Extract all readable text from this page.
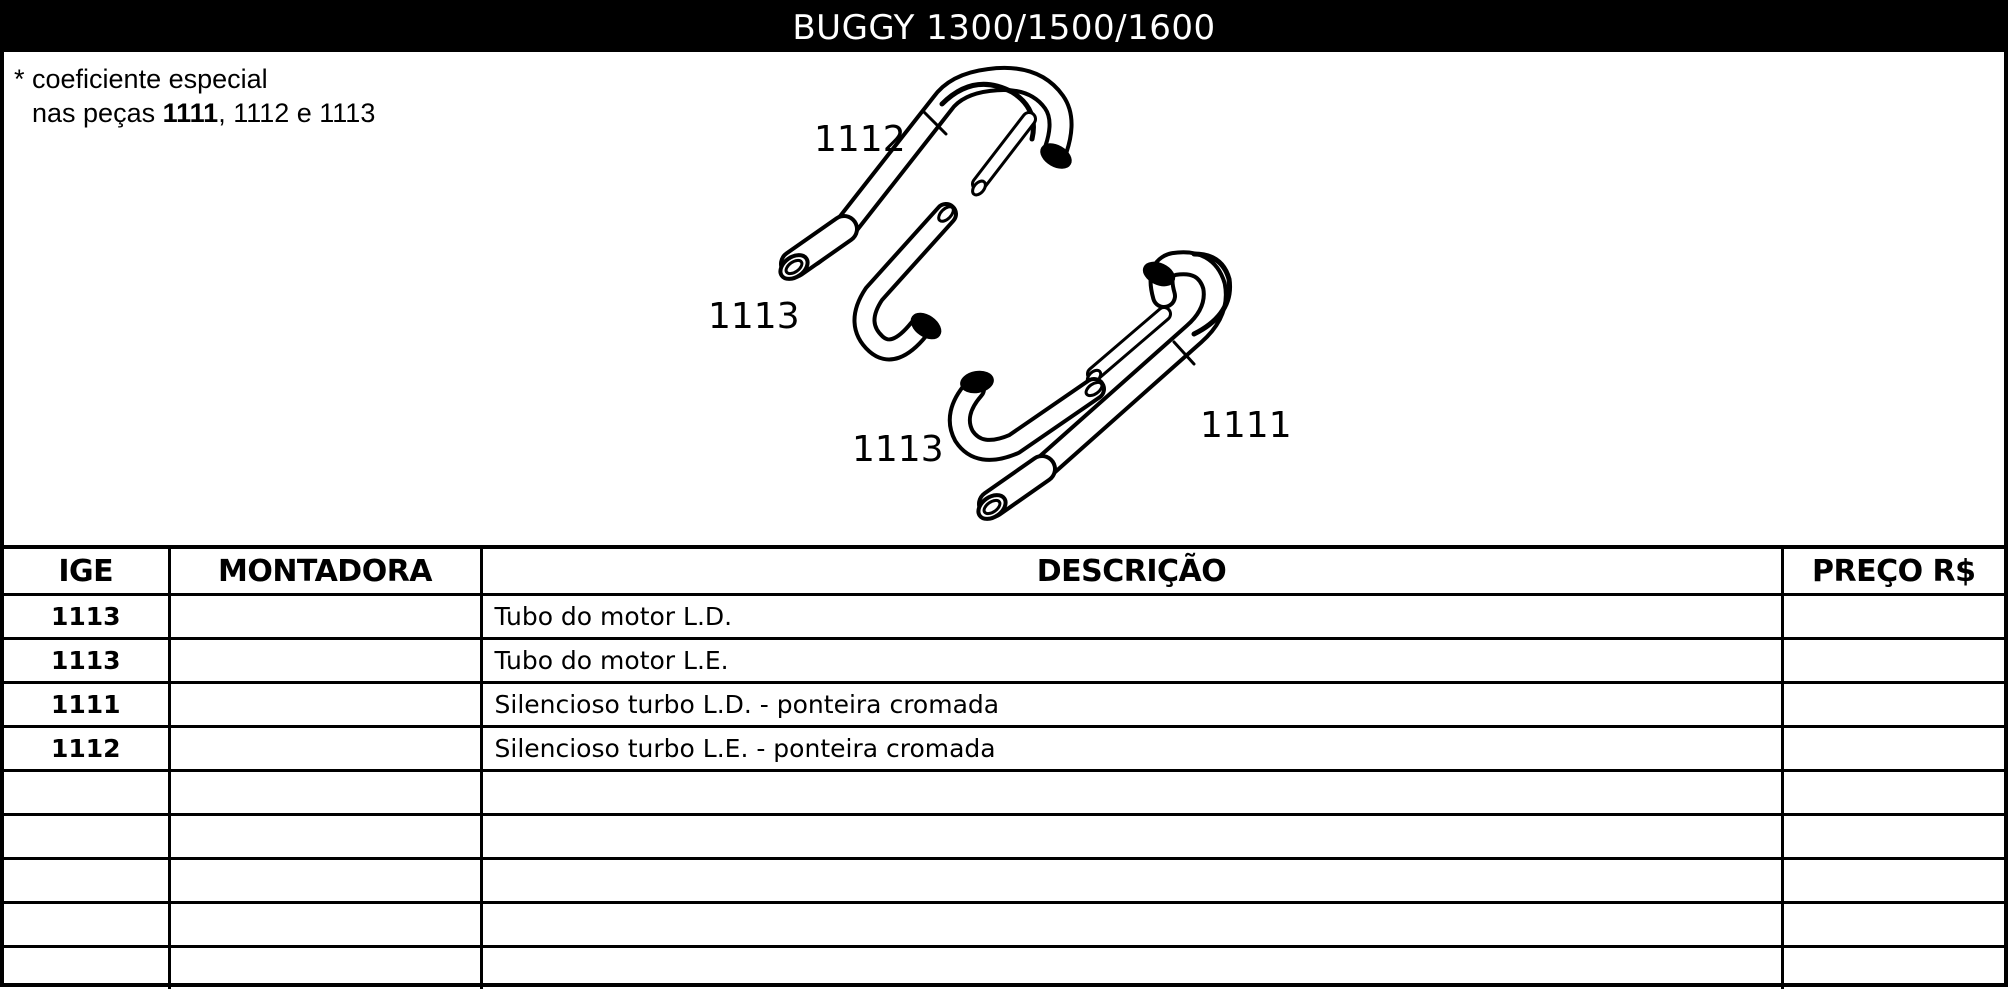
BUGGY 1300/1500/1600
* coeficiente especial
nas peças 1111, 1112 e 1113
1112
1113
1113
1111
IGE	MONTADORA	DESCRIÇÃO	PREÇO R$
1113		Tubo do motor L.D.	
1113		Tubo do motor L.E.	
1111		Silencioso turbo L.D. - ponteira cromada	
1112		Silencioso turbo L.E. - ponteira cromada	
